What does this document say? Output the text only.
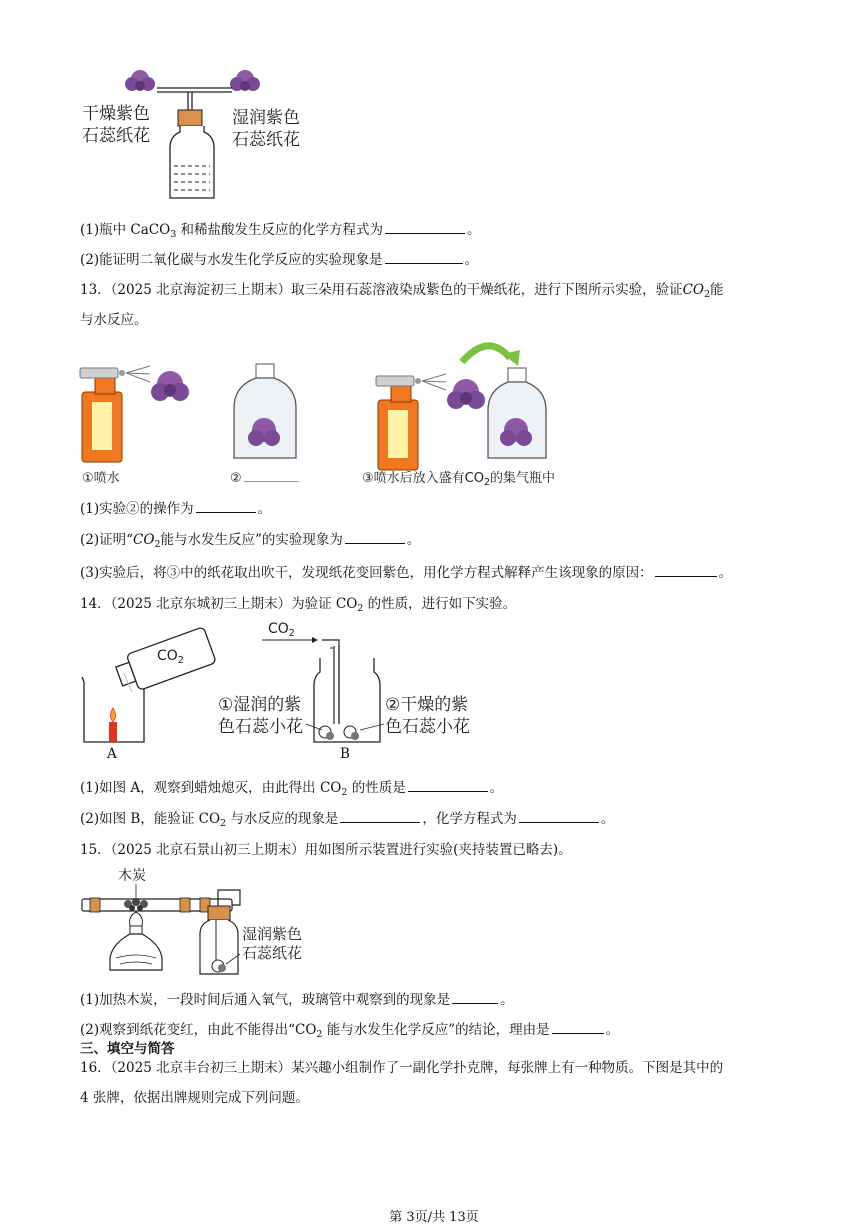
干燥紫色
石蕊纸花
湿润紫色
石蕊纸花
(1)瓶中 CaCO$_3$ 和稀盐酸发生反应的化学方程式为	。
(2)能证明二氧化碳与水发生化学反应的实验现象是	。
13．（2025 北京海淀初三上期末）取三朵用石蕊溶液染成紫色的干燥纸花，进行下图所示实验，验证$CO_2$能
与水反应。
①喷水	②	③喷水后放入盛有$CO_2$的集气瓶中
(1)实验②的操作为	。
(2)证明“$CO_2$能与水发生反应”的实验现象为	。
(3)实验后，将③中的纸花取出吹干，发现纸花变回紫色，用化学方程式解释产生该现象的原因：	。
14．（2025 北京东城初三上期末）为验证 $CO_2$ 的性质，进行如下实验。
$CO_2$
$CO_2$
A	B
①湿润的紫
色石蕊小花
②干燥的紫
色石蕊小花
(1)如图 A，观察到蜡烛熄灭，由此得出 $CO_2$ 的性质是	。
(2)如图 B，能验证 $CO_2$ 与水反应的现象是	，化学方程式为	。
15．（2025 北京石景山初三上期末）用如图所示装置进行实验(夹持装置已略去)。
木炭
湿润紫色
石蕊纸花
(1)加热木炭，一段时间后通入氧气，玻璃管中观察到的现象是	。
(2)观察到纸花变红，由此不能得出“$CO_2$ 能与水发生化学反应”的结论，理由是	。
三、填空与简答
16．（2025 北京丰台初三上期末）某兴趣小组制作了一副化学扑克牌，每张牌上有一种物质。下图是其中的
4 张牌，依据出牌规则完成下列问题。
第 3页/共 13页
